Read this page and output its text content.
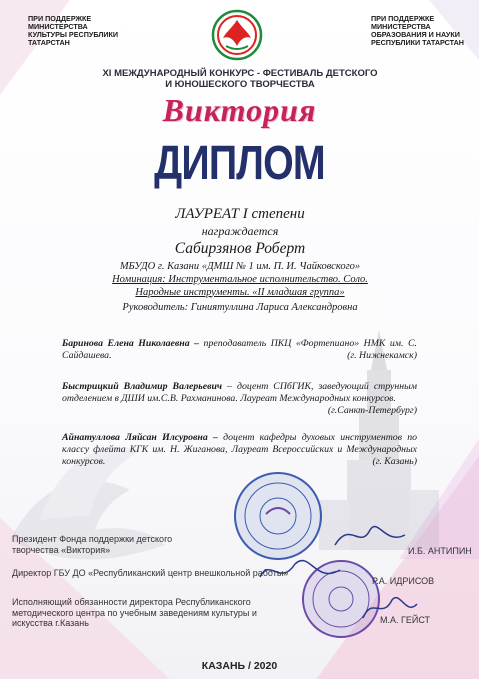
ПРИ ПОДДЕРЖКЕ
МИНИСТЕРСТВА
КУЛЬТУРЫ РЕСПУБЛИКИ
ТАТАРСТАН
ПРИ ПОДДЕРЖКЕ
МИНИСТЕРСТВА
ОБРАЗОВАНИЯ И НАУКИ
РЕСПУБЛИКИ ТАТАРСТАН
XI МЕЖДУНАРОДНЫЙ КОНКУРС - ФЕСТИВАЛЬ ДЕТСКОГО
И ЮНОШЕСКОГО ТВОРЧЕСТВА
Виктория
ДИПЛОМ
ЛАУРЕАТ I степени
награждается
Сабирзянов Роберт
МБУДО г. Казани «ДМШ № 1 им. П. И. Чайковского»
Номинация: Инструментальное исполнительство. Соло.
Народные инструменты. «II младшая группа»
Руководитель: Гиниятуллина Лариса Александровна
Баринова Елена Николаевна – преподаватель ПКЦ «Фортепиано» НМК им. С. Сайдашева.	(г. Нижнекамск)
Быстрицкий Владимир Валерьевич – доцент СПбГИК, заведующий струнным отделением в ДШИ им.С.В. Рахманинова. Лауреат Международных конкурсов.
(г.Санкт-Петербург)
Айнатуллова Ляйсан Илсуровна – доцент кафедры духовых инструментов по классу флейта КГК им. Н. Жиганова, Лауреат Всероссийских и Международных конкурсов.	(г. Казань)
Президент Фонда поддержки детского творчества «Виктория»	И.Б. АНТИПИН
Директор ГБУ ДО «Республиканский центр внешкольной работы»
Р.А. ИДРИСОВ
Исполняющий обязанности директора Республиканского методического центра по учебным заведениям культуры и искусства г.Казань	М.А. ГЕЙСТ
КАЗАНЬ / 2020
